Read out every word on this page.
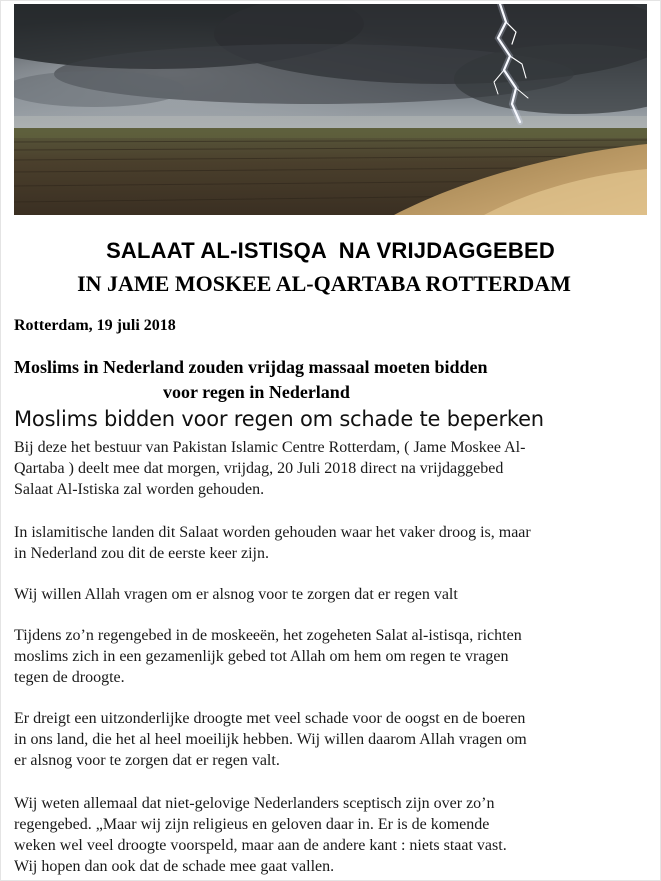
SALAAT AL-ISTISQA  NA VRIJDAGGEBED
IN JAME MOSKEE AL-QARTABA ROTTERDAM
Rotterdam, 19 juli 2018
Moslims in Nederland zouden vrijdag massaal moeten bidden
voor regen in Nederland
Moslims bidden voor regen om schade te beperken
Bij deze het bestuur van Pakistan Islamic Centre Rotterdam, ( Jame Moskee Al-
Qartaba ) deelt mee dat morgen, vrijdag, 20 Juli 2018 direct na vrijdaggebed
Salaat Al-Istiska zal worden gehouden.
In islamitische landen dit Salaat worden gehouden waar het vaker droog is, maar
in Nederland zou dit de eerste keer zijn.
Wij willen Allah vragen om er alsnog voor te zorgen dat er regen valt
Tijdens zo’n regengebed in de moskeeën, het zogeheten Salat al-istisqa, richten
moslims zich in een gezamenlijk gebed tot Allah om hem om regen te vragen
tegen de droogte.
Er dreigt een uitzonderlijke droogte met veel schade voor de oogst en de boeren
in ons land, die het al heel moeilijk hebben. Wij willen daarom Allah vragen om
er alsnog voor te zorgen dat er regen valt.
Wij weten allemaal dat niet-gelovige Nederlanders sceptisch zijn over zo’n
regengebed. „Maar wij zijn religieus en geloven daar in. Er is de komende
weken wel veel droogte voorspeld, maar aan de andere kant : niets staat vast.
Wij hopen dan ook dat de schade mee gaat vallen.
